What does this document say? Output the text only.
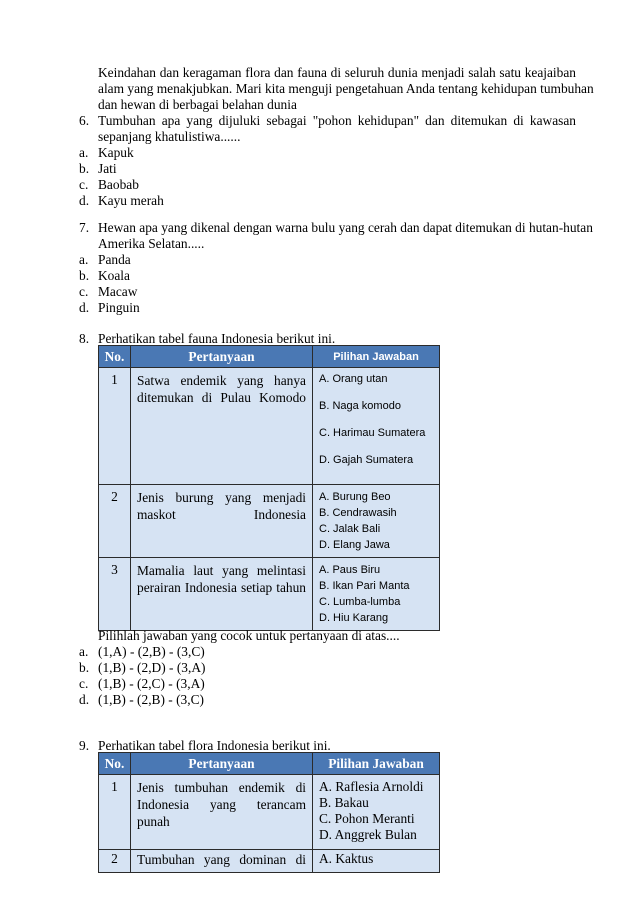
Keindahan dan keragaman flora dan fauna di seluruh dunia menjadi salah satu keajaiban
alam yang menakjubkan. Mari kita menguji pengetahuan Anda tentang kehidupan tumbuhan
dan hewan di berbagai belahan dunia
6. Tumbuhan apa yang dijuluki sebagai "pohon kehidupan" dan ditemukan di kawasan
sepanjang khatulistiwa......
a. Kapuk
b. Jati
c. Baobab
d. Kayu merah
7. Hewan apa yang dikenal dengan warna bulu yang cerah dan dapat ditemukan di hutan-hutan
Amerika Selatan.....
a. Panda
b. Koala
c. Macaw
d. Pinguin
8. Perhatikan tabel fauna Indonesia berikut ini.
No.	Pertanyaan	Pilihan Jawaban
1	Satwa endemik yang hanya ditemukan di Pulau Komodo	A. Orang utan

B. Naga komodo

C. Harimau Sumatera

D. Gajah Sumatera

2	Jenis burung yang menjadi maskot Indonesia	A. Burung Beo

B. Cendrawasih

C. Jalak Bali

D. Elang Jawa

3	Mamalia laut yang melintasi perairan Indonesia setiap tahun	A. Paus Biru

B. Ikan Pari Manta

C. Lumba-lumba

D. Hiu Karang

Pilihlah jawaban yang cocok untuk pertanyaan di atas....
a. (1,A) - (2,B) - (3,C)
b. (1,B) - (2,D) - (3,A)
c. (1,B) - (2,C) - (3,A)
d. (1,B) - (2,B) - (3,C)
9. Perhatikan tabel flora Indonesia berikut ini.
No.	Pertanyaan	Pilihan Jawaban
1	Jenis tumbuhan endemik di Indonesia yang terancam punah	A. Raflesia Arnoldi

B. Bakau

C. Pohon Meranti

D. Anggrek Bulan

2	Tumbuhan yang dominan di	A. Kaktus
